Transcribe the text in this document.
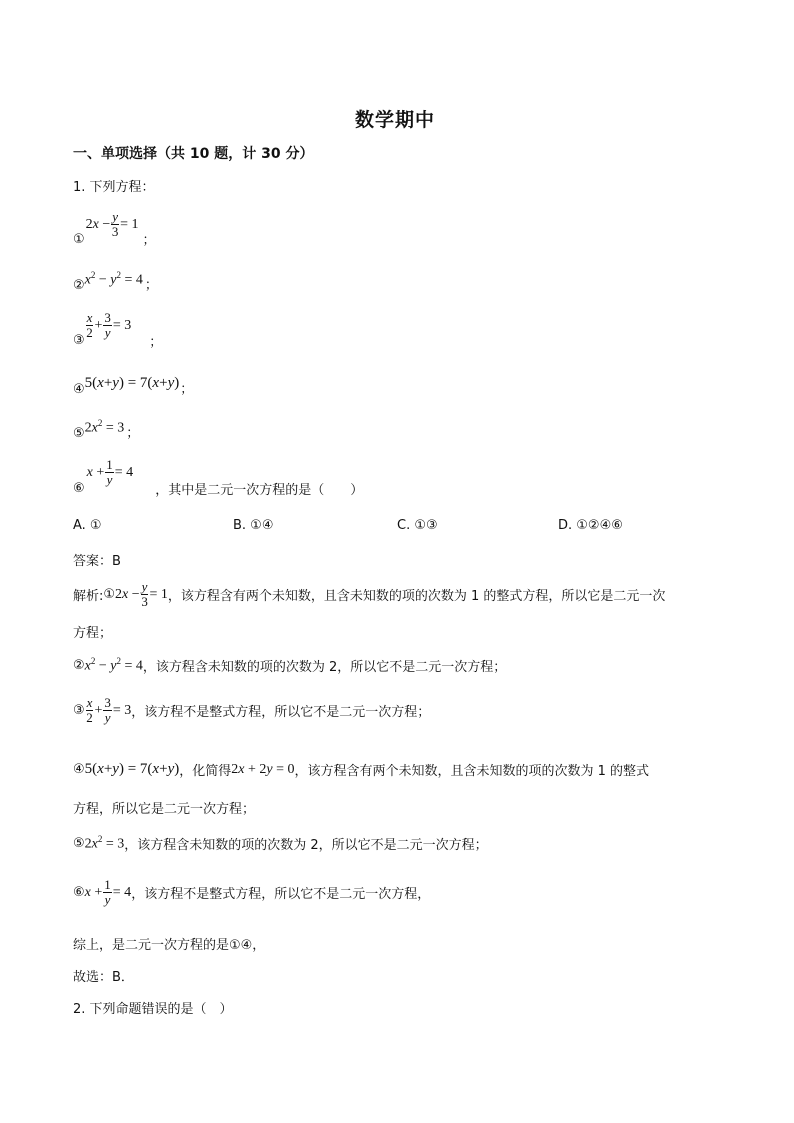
数学期中
一、单项选择（共 10 题，计 30 分）
1. 下列方程：
①
$2x - \frac{y}{3} = 1$
；
② $x^2 - y^2 = 4$ ；
③
$\frac{x}{2} + \frac{3}{y} = 3$
；
④ 5(x+y) = 7(x+y) ；
⑤ $2x^2 = 3$ ；
⑥
$x + \frac{1}{y} = 4$
，其中是二元一次方程的是（　　）
A. ①	B. ①④	C. ①③	D. ①②④⑥
答案：B
解析: ① $2x - \frac{y}{3} = 1$ ，该方程含有两个未知数，且含未知数的项的次数为 1 的整式方程，所以它是二元一次
方程；
② $x^2 - y^2 = 4$ ，该方程含未知数的项的次数为 2，所以它不是二元一次方程；
③ $\frac{x}{2} + \frac{3}{y} = 3$ ，该方程不是整式方程，所以它不是二元一次方程；
④ 5(x+y) = 7(x+y) ，化简得 2x + 2y = 0 ，该方程含有两个未知数，且含未知数的项的次数为 1 的整式
方程，所以它是二元一次方程；
⑤ $2x^2 = 3$ ，该方程含未知数的项的次数为 2，所以它不是二元一次方程；
⑥ $x + \frac{1}{y} = 4$ ，该方程不是整式方程，所以它不是二元一次方程，
综上，是二元一次方程的是①④，
故选：B．
2. 下列命题错误的是（　）
